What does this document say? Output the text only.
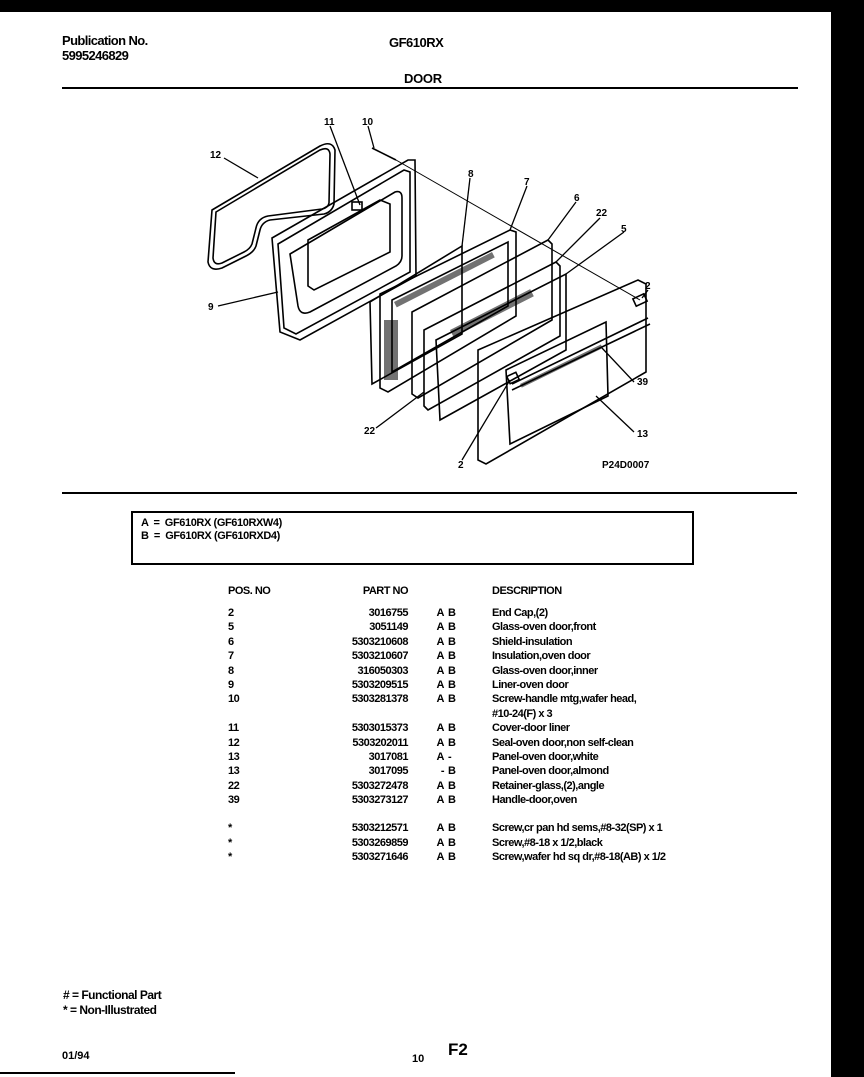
Publication No.
5995246829
GF610RX
DOOR
12
11	10
8
7
6
22
5
2
9
39
22	13
2	P24D0007
A  =  GF610RX (GF610RXW4)
B  =  GF610RX (GF610RXD4)
POS. NO	PART NO	DESCRIPTION
2	3016755	A B	End Cap,(2)
5	3051149	A B	Glass-oven door,front
6	5303210608	A B	Shield-insulation
7	5303210607	A B	Insulation,oven door
8	316050303	A B	Glass-oven door,inner
9	5303209515	A B	Liner-oven door
10	5303281378	A B	Screw-handle mtg,wafer head,
#10-24(F) x 3
11	5303015373	A B	Cover-door liner
12	5303202011	A B	Seal-oven door,non self-clean
13	3017081	A -	Panel-oven door,white
13	3017095	- B	Panel-oven door,almond
22	5303272478	A B	Retainer-glass,(2),angle
39	5303273127	A B	Handle-door,oven
*	5303212571	A B	Screw,cr pan hd sems,#8-32(SP) x 1
*	5303269859	A B	Screw,#8-18 x 1/2,black
*	5303271646	A B	Screw,wafer hd sq dr,#8-18(AB) x 1/2
# = Functional Part
* = Non-Illustrated
01/94	10 F2
